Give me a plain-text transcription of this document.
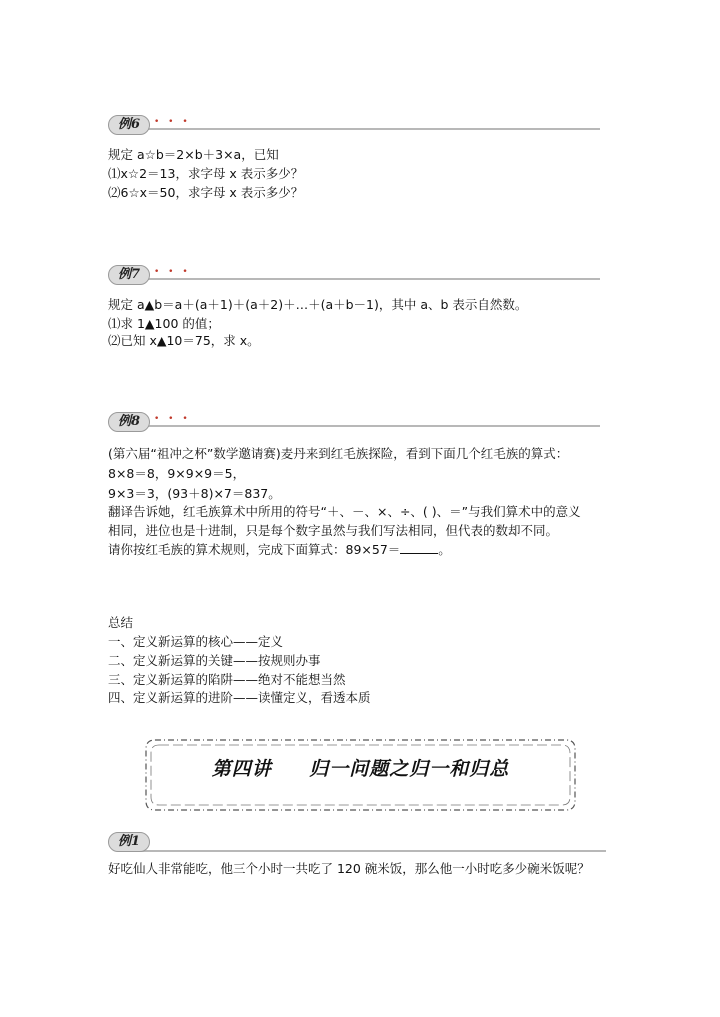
例6	• • •
规定 a☆b＝2×b＋3×a，已知
⑴x☆2＝13，求字母 x 表示多少？
⑵6☆x＝50，求字母 x 表示多少？
例7	• • •
规定 a▲b＝a＋(a＋1)＋(a＋2)＋…＋(a＋b－1)，其中 a、b 表示自然数。
⑴求 1▲100 的值；
⑵已知 x▲10＝75，求 x。
例8	• • •
(第六届“祖冲之杯”数学邀请赛)麦丹来到红毛族探险，看到下面几个红毛族的算式：
8×8＝8，9×9×9＝5，
9×3＝3，(93＋8)×7＝837。
翻译告诉她，红毛族算术中所用的符号“＋、－、×、÷、( )、＝”与我们算术中的意义
相同，进位也是十进制，只是每个数字虽然与我们写法相同，但代表的数却不同。
请你按红毛族的算术规则，完成下面算式：89×57＝	。
总结
一、定义新运算的核心——定义
二、定义新运算的关键——按规则办事
三、定义新运算的陷阱——绝对不能想当然
四、定义新运算的进阶——读懂定义，看透本质
第四讲 归一问题之归一和归总
例1
好吃仙人非常能吃，他三个小时一共吃了 120 碗米饭，那么他一小时吃多少碗米饭呢？
